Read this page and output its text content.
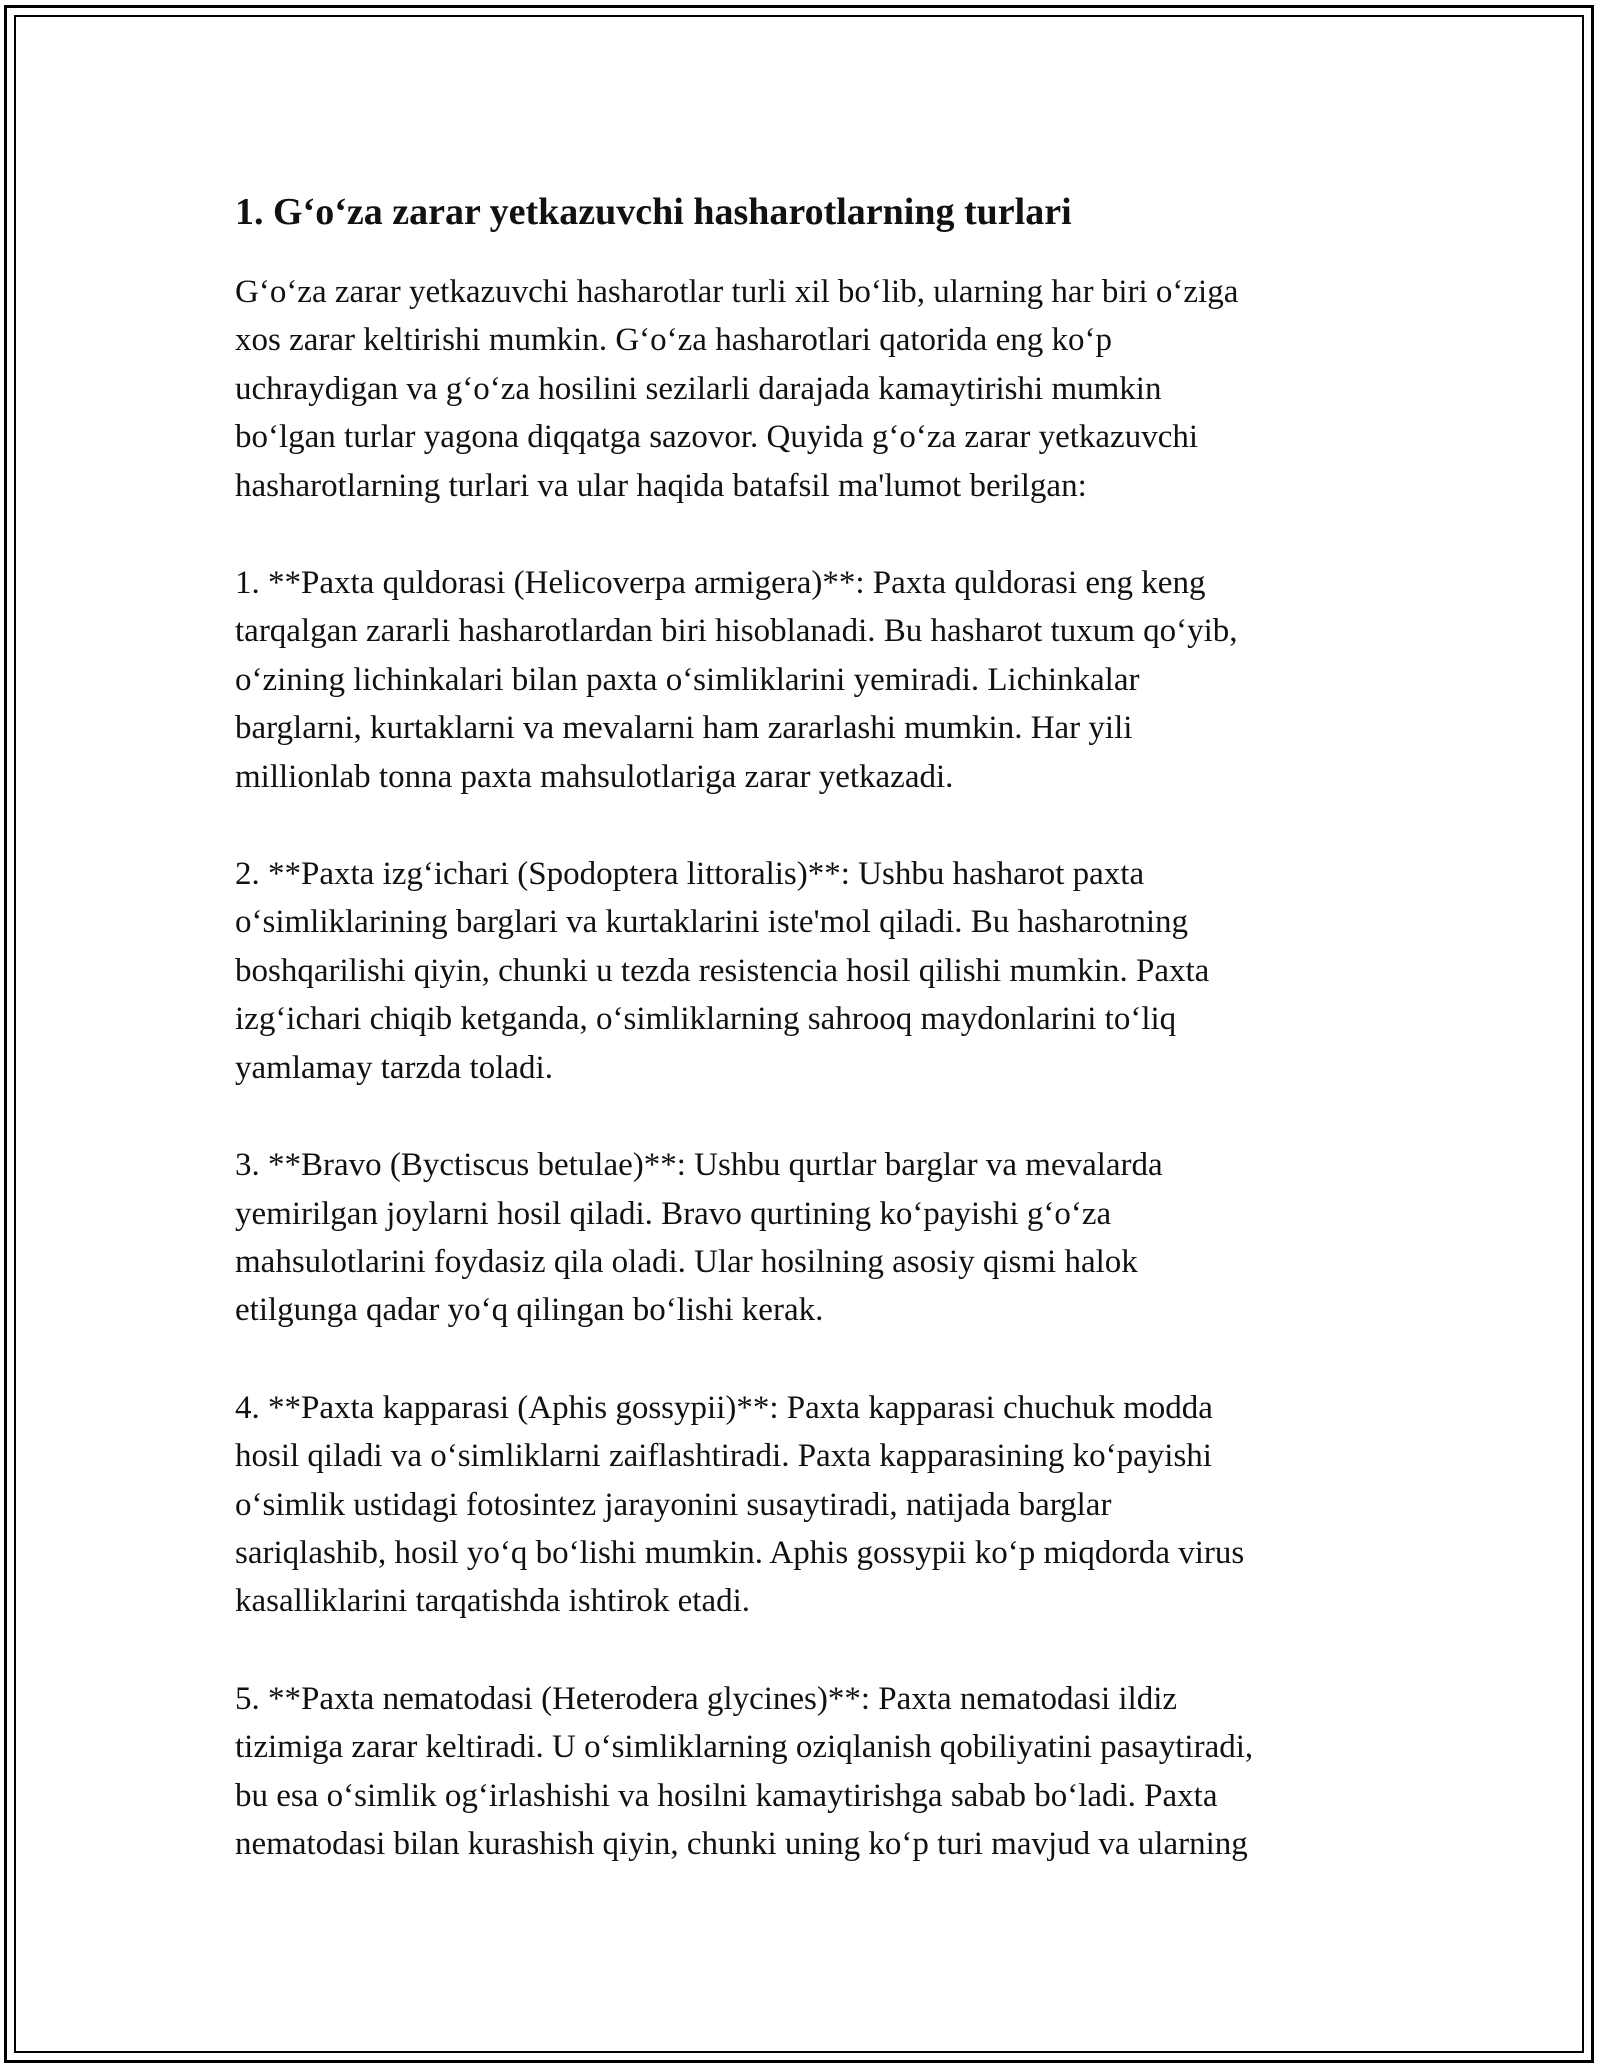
1. G‘o‘za zarar yetkazuvchi hasharotlarning turlari
G‘o‘za zarar yetkazuvchi hasharotlar turli xil bo‘lib, ularning har biri o‘ziga
xos zarar keltirishi mumkin. G‘o‘za hasharotlari qatorida eng ko‘p
uchraydigan va g‘o‘za hosilini sezilarli darajada kamaytirishi mumkin
bo‘lgan turlar yagona diqqatga sazovor. Quyida g‘o‘za zarar yetkazuvchi
hasharotlarning turlari va ular haqida batafsil ma'lumot berilgan:
1. **Paxta quldorasi (Helicoverpa armigera)**: Paxta quldorasi eng keng
tarqalgan zararli hasharotlardan biri hisoblanadi. Bu hasharot tuxum qo‘yib,
o‘zining lichinkalari bilan paxta o‘simliklarini yemiradi. Lichinkalar
barglarni, kurtaklarni va mevalarni ham zararlashi mumkin. Har yili
millionlab tonna paxta mahsulotlariga zarar yetkazadi.
2. **Paxta izg‘ichari (Spodoptera littoralis)**: Ushbu hasharot paxta
o‘simliklarining barglari va kurtaklarini iste'mol qiladi. Bu hasharotning
boshqarilishi qiyin, chunki u tezda resistencia hosil qilishi mumkin. Paxta
izg‘ichari chiqib ketganda, o‘simliklarning sahrooq maydonlarini to‘liq
yamlamay tarzda toladi.
3. **Bravo (Byctiscus betulae)**: Ushbu qurtlar barglar va mevalarda
yemirilgan joylarni hosil qiladi. Bravo qurtining ko‘payishi g‘o‘za
mahsulotlarini foydasiz qila oladi. Ular hosilning asosiy qismi halok
etilgunga qadar yo‘q qilingan bo‘lishi kerak.
4. **Paxta kapparasi (Aphis gossypii)**: Paxta kapparasi chuchuk modda
hosil qiladi va o‘simliklarni zaiflashtiradi. Paxta kapparasining ko‘payishi
o‘simlik ustidagi fotosintez jarayonini susaytiradi, natijada barglar
sariqlashib, hosil yo‘q bo‘lishi mumkin. Aphis gossypii ko‘p miqdorda virus
kasalliklarini tarqatishda ishtirok etadi.
5. **Paxta nematodasi (Heterodera glycines)**: Paxta nematodasi ildiz
tizimiga zarar keltiradi. U o‘simliklarning oziqlanish qobiliyatini pasaytiradi,
bu esa o‘simlik og‘irlashishi va hosilni kamaytirishga sabab bo‘ladi. Paxta
nematodasi bilan kurashish qiyin, chunki uning ko‘p turi mavjud va ularning
